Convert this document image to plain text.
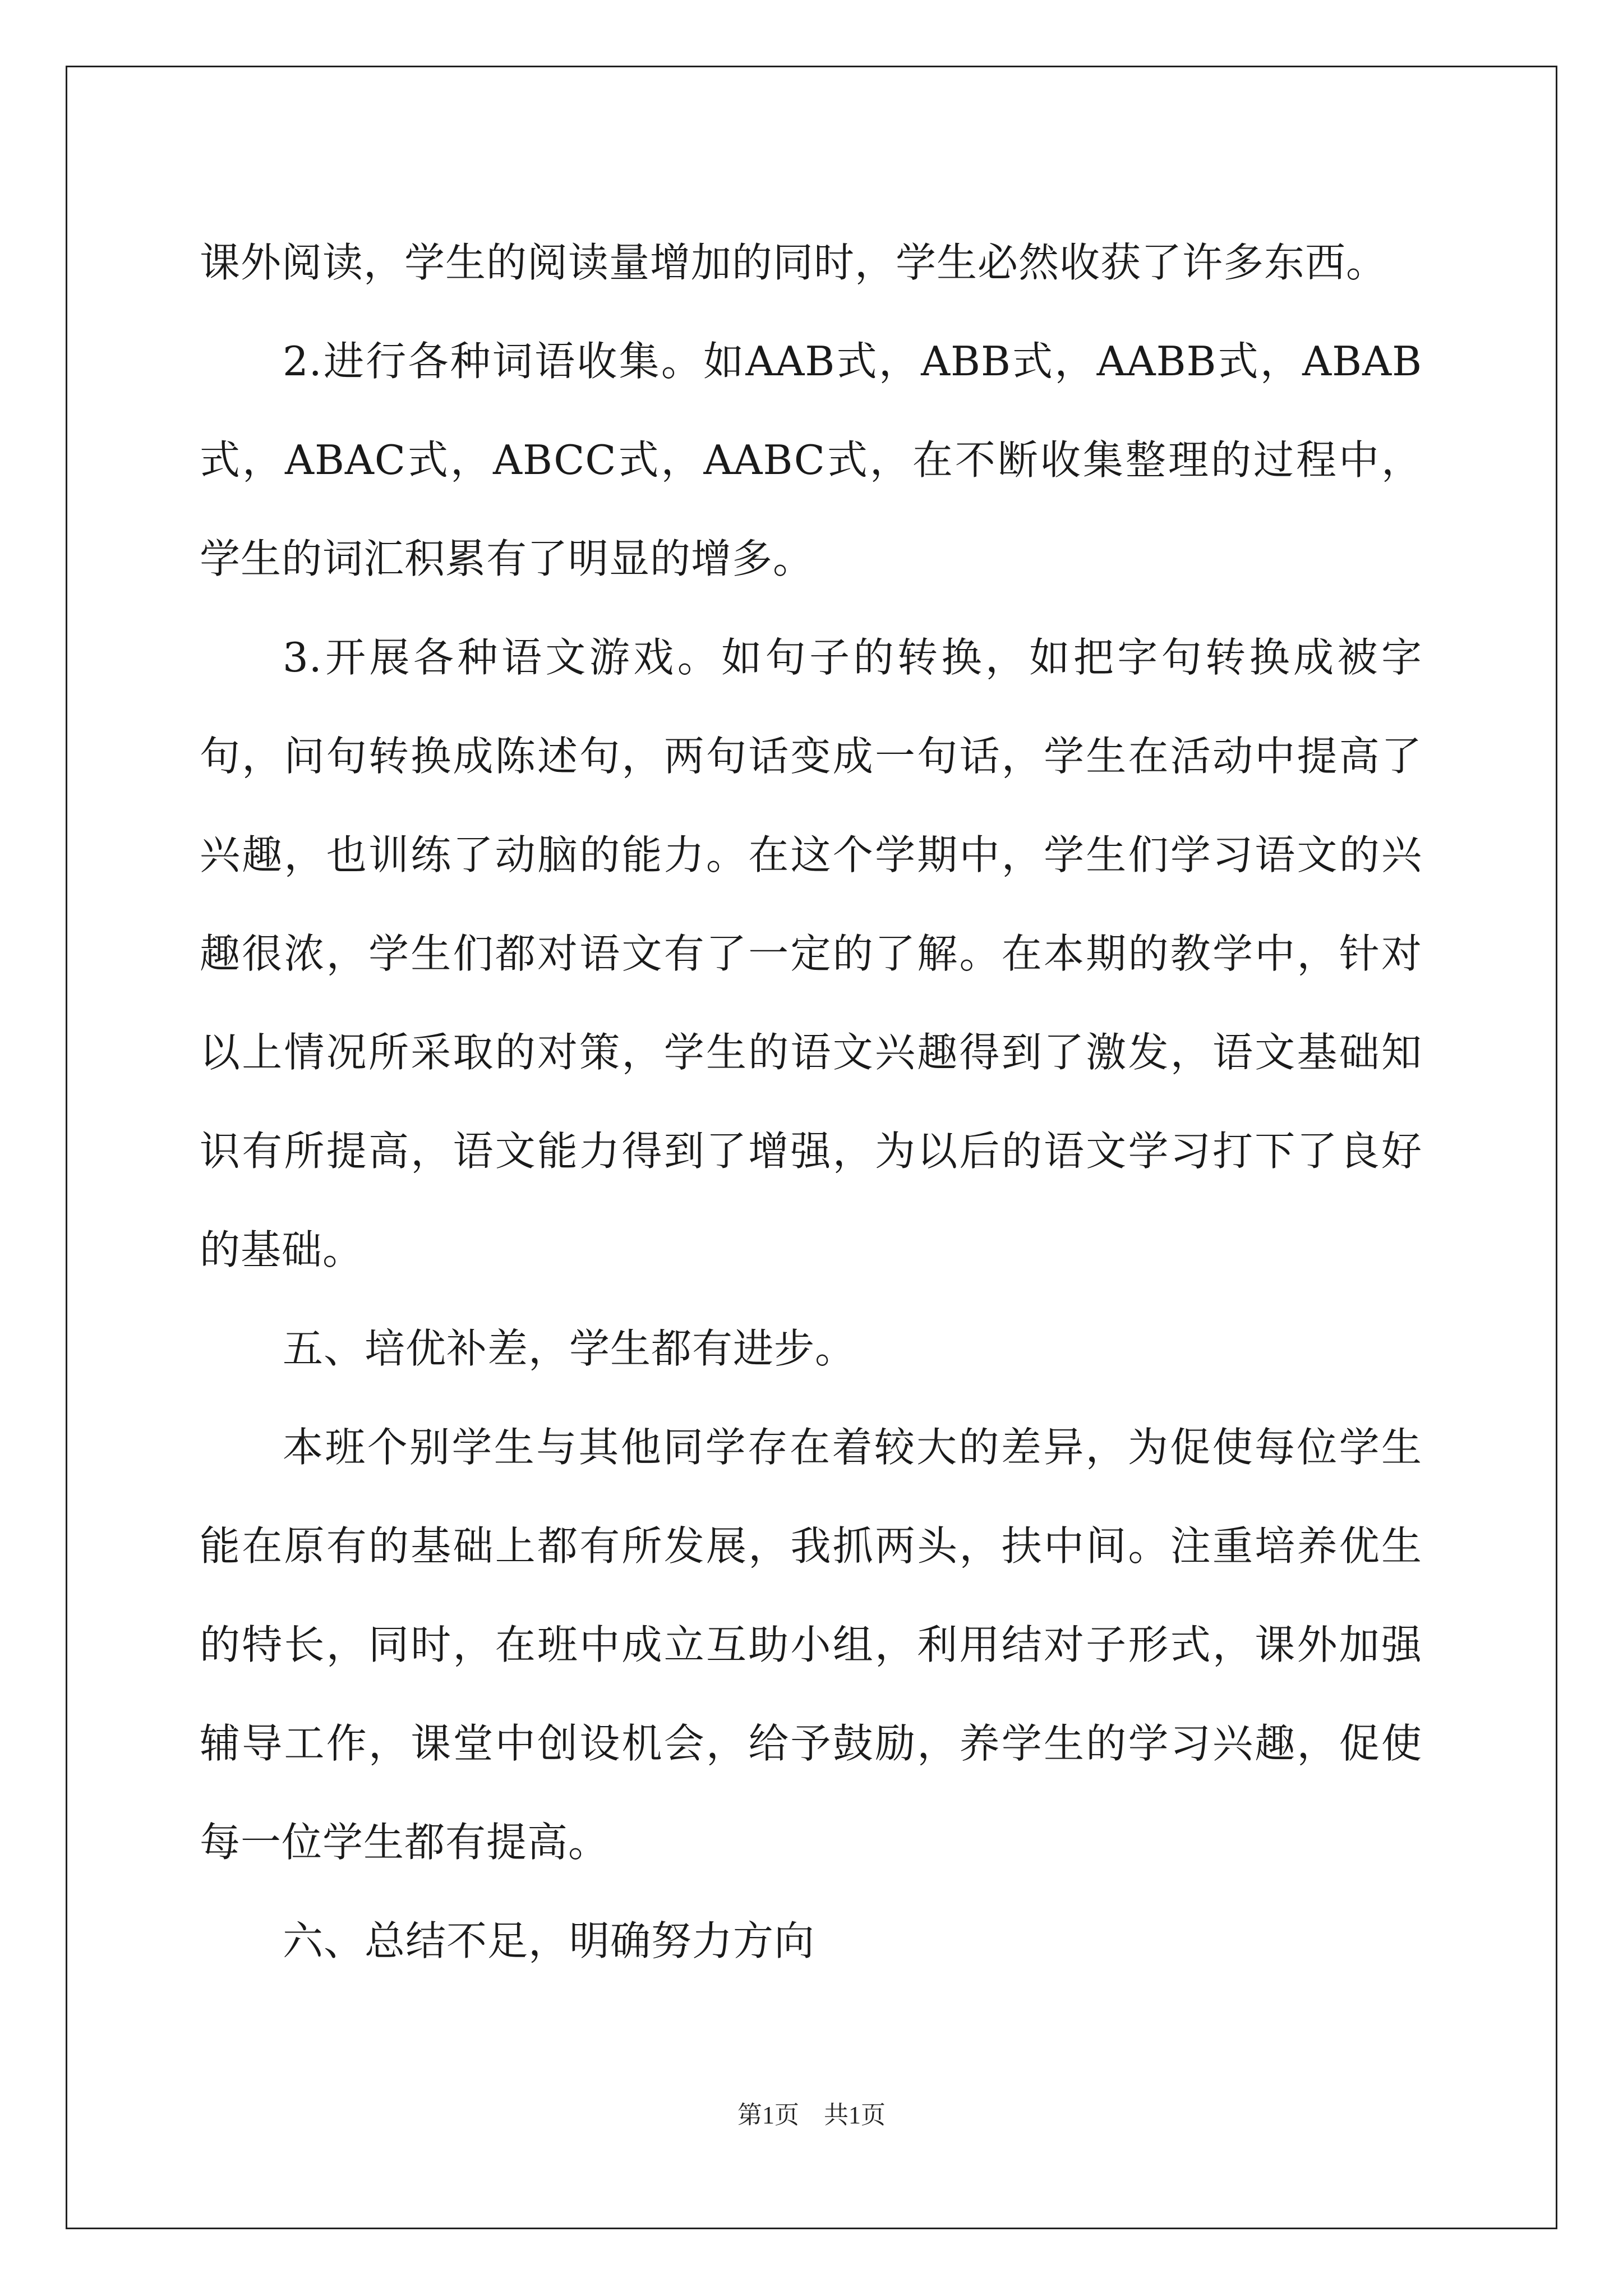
课外阅读，学生的阅读量增加的同时，学生必然收获了许多东西。

2.进行各种词语收集。如AAB式，ABB式，AABB式，ABAB式，ABAC式，ABCC式，AABC式，在不断收集整理的过程中，学生的词汇积累有了明显的增多。

3.开展各种语文游戏。如句子的转换，如把字句转换成被字句，问句转换成陈述句，两句话变成一句话，学生在活动中提高了兴趣，也训练了动脑的能力。在这个学期中，学生们学习语文的兴趣很浓，学生们都对语文有了一定的了解。在本期的教学中，针对以上情况所采取的对策，学生的语文兴趣得到了激发，语文基础知识有所提高，语文能力得到了增强，为以后的语文学习打下了良好的基础。

五、培优补差，学生都有进步。

本班个别学生与其他同学存在着较大的差异，为促使每位学生能在原有的基础上都有所发展，我抓两头，扶中间。注重培养优生的特长，同时，在班中成立互助小组，利用结对子形式，课外加强辅导工作，课堂中创设机会，给予鼓励，养学生的学习兴趣，促使每一位学生都有提高。

六、总结不足，明确努力方向

第1页 共1页
